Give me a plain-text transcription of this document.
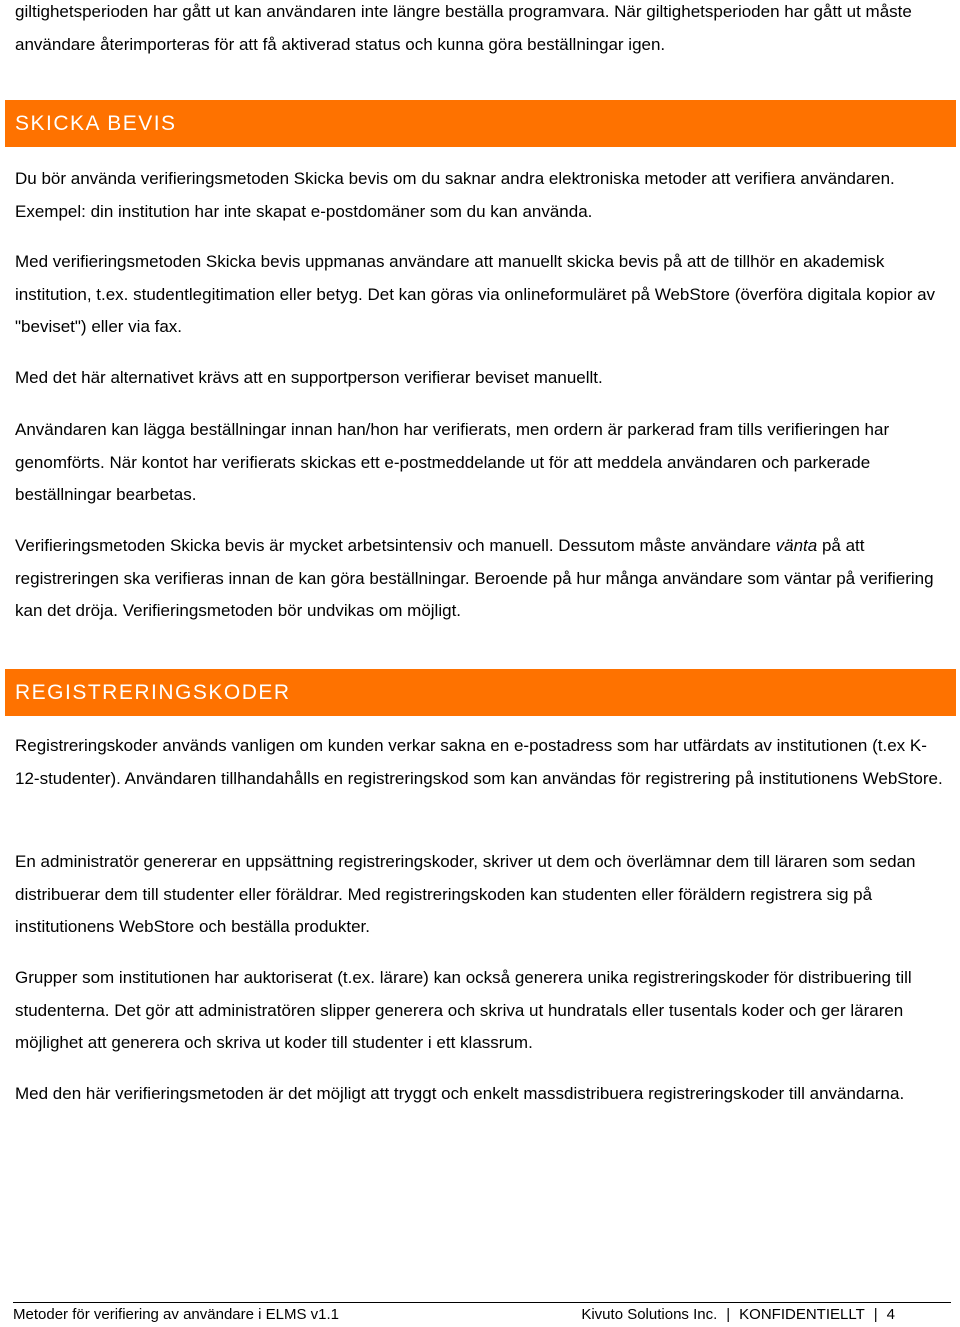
giltighetsperioden har gått ut kan användaren inte längre beställa programvara. När giltighetsperioden har gått ut måste användare återimporteras för att få aktiverad status och kunna göra beställningar igen.

SKICKA BEVIS

Du bör använda verifieringsmetoden Skicka bevis om du saknar andra elektroniska metoder att verifiera användaren. Exempel: din institution har inte skapat e-postdomäner som du kan använda.

Med verifieringsmetoden Skicka bevis uppmanas användare att manuellt skicka bevis på att de tillhör en akademisk institution, t.ex. studentlegitimation eller betyg. Det kan göras via onlineformuläret på WebStore (överföra digitala kopior av "beviset") eller via fax.

Med det här alternativet krävs att en supportperson verifierar beviset manuellt.

Användaren kan lägga beställningar innan han/hon har verifierats, men ordern är parkerad fram tills verifieringen har genomförts. När kontot har verifierats skickas ett e-postmeddelande ut för att meddela användaren och parkerade beställningar bearbetas.

Verifieringsmetoden Skicka bevis är mycket arbetsintensiv och manuell. Dessutom måste användare vänta på att registreringen ska verifieras innan de kan göra beställningar. Beroende på hur många användare som väntar på verifiering kan det dröja. Verifieringsmetoden bör undvikas om möjligt.

REGISTRERINGSKODER

Registreringskoder används vanligen om kunden verkar sakna en e-postadress som har utfärdats av institutionen (t.ex K-12-studenter). Användaren tillhandahålls en registreringskod som kan användas för registrering på institutionens WebStore.

En administratör genererar en uppsättning registreringskoder, skriver ut dem och överlämnar dem till läraren som sedan distribuerar dem till studenter eller föräldrar. Med registreringskoden kan studenten eller föräldern registrera sig på institutionens WebStore och beställa produkter.

Grupper som institutionen har auktoriserat (t.ex. lärare) kan också generera unika registreringskoder för distribuering till studenterna. Det gör att administratören slipper generera och skriva ut hundratals eller tusentals koder och ger läraren möjlighet att generera och skriva ut koder till studenter i ett klassrum.

Med den här verifieringsmetoden är det möjligt att tryggt och enkelt massdistribuera registreringskoder till användarna.

Metoder för verifiering av användare i ELMS v1.1	Kivuto Solutions Inc. | KONFIDENTIELLT | 4
